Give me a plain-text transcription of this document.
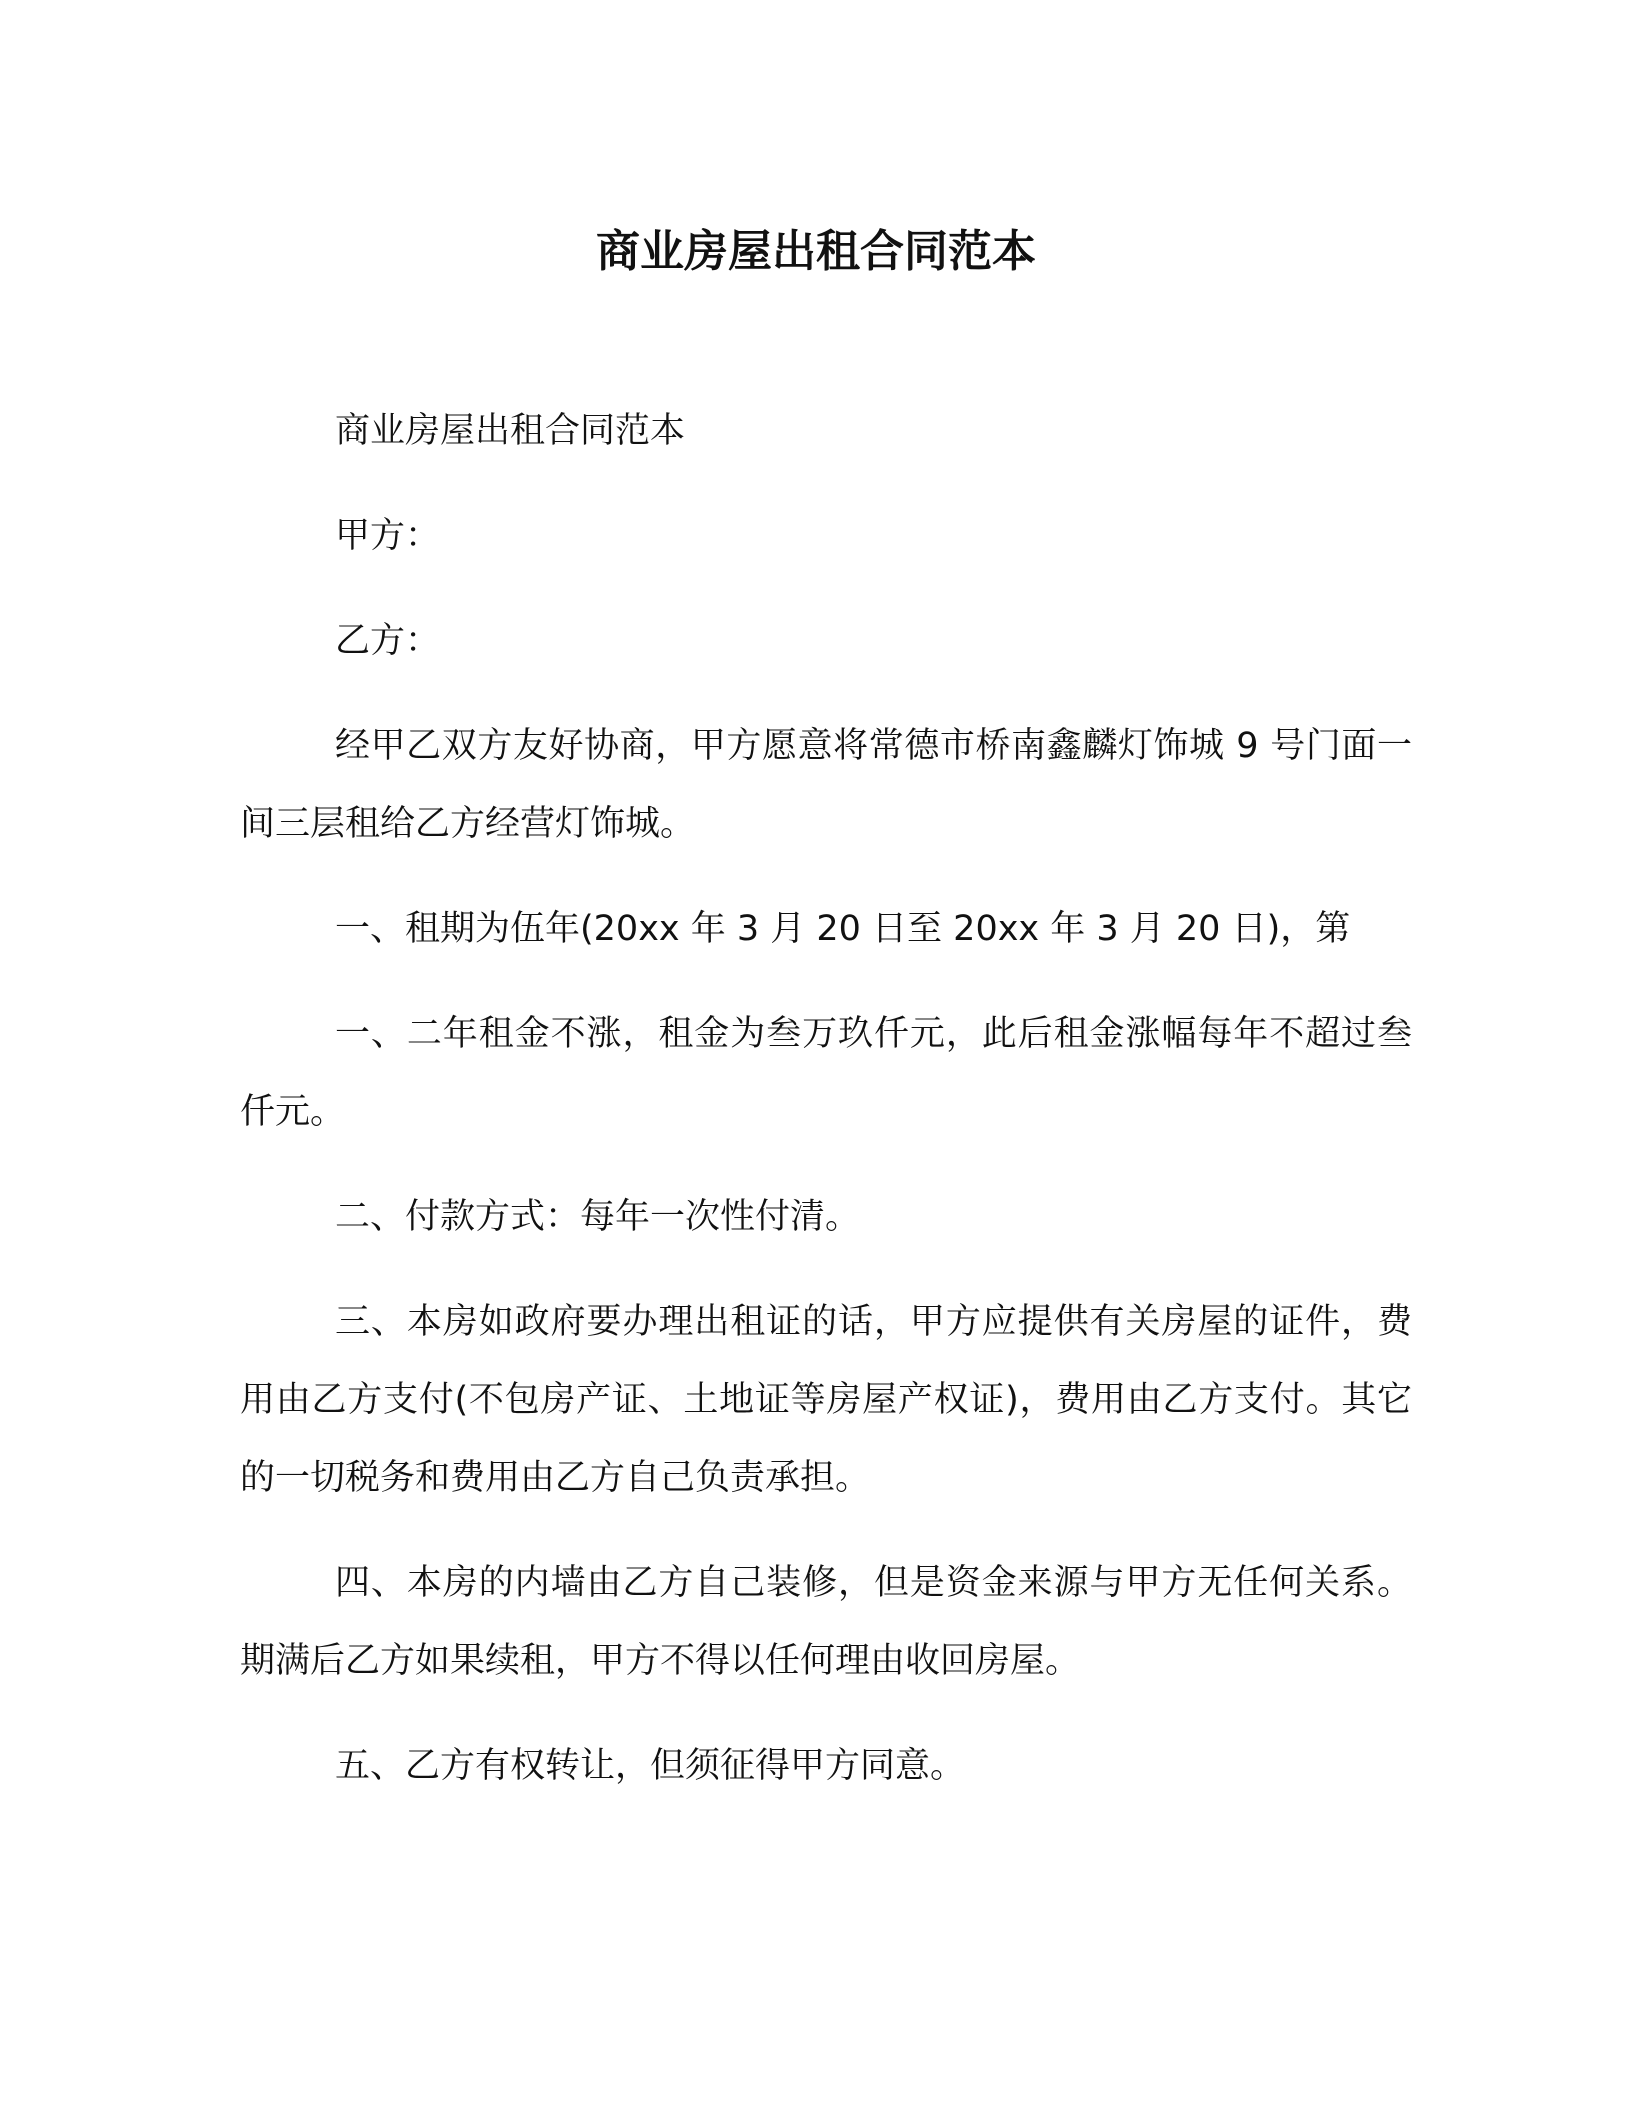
商业房屋出租合同范本

商业房屋出租合同范本

甲方：

乙方：

经甲乙双方友好协商，甲方愿意将常德市桥南鑫麟灯饰城 9 号门面一间三层租给乙方经营灯饰城。

一、租期为伍年(20xx 年 3 月 20 日至 20xx 年 3 月 20 日)，第

一、二年租金不涨，租金为叁万玖仟元，此后租金涨幅每年不超过叁仟元。

二、付款方式：每年一次性付清。

三、本房如政府要办理出租证的话，甲方应提供有关房屋的证件，费用由乙方支付(不包房产证、土地证等房屋产权证)，费用由乙方支付。其它的一切税务和费用由乙方自己负责承担。

四、本房的内墙由乙方自己装修，但是资金来源与甲方无任何关系。期满后乙方如果续租，甲方不得以任何理由收回房屋。

五、乙方有权转让，但须征得甲方同意。
